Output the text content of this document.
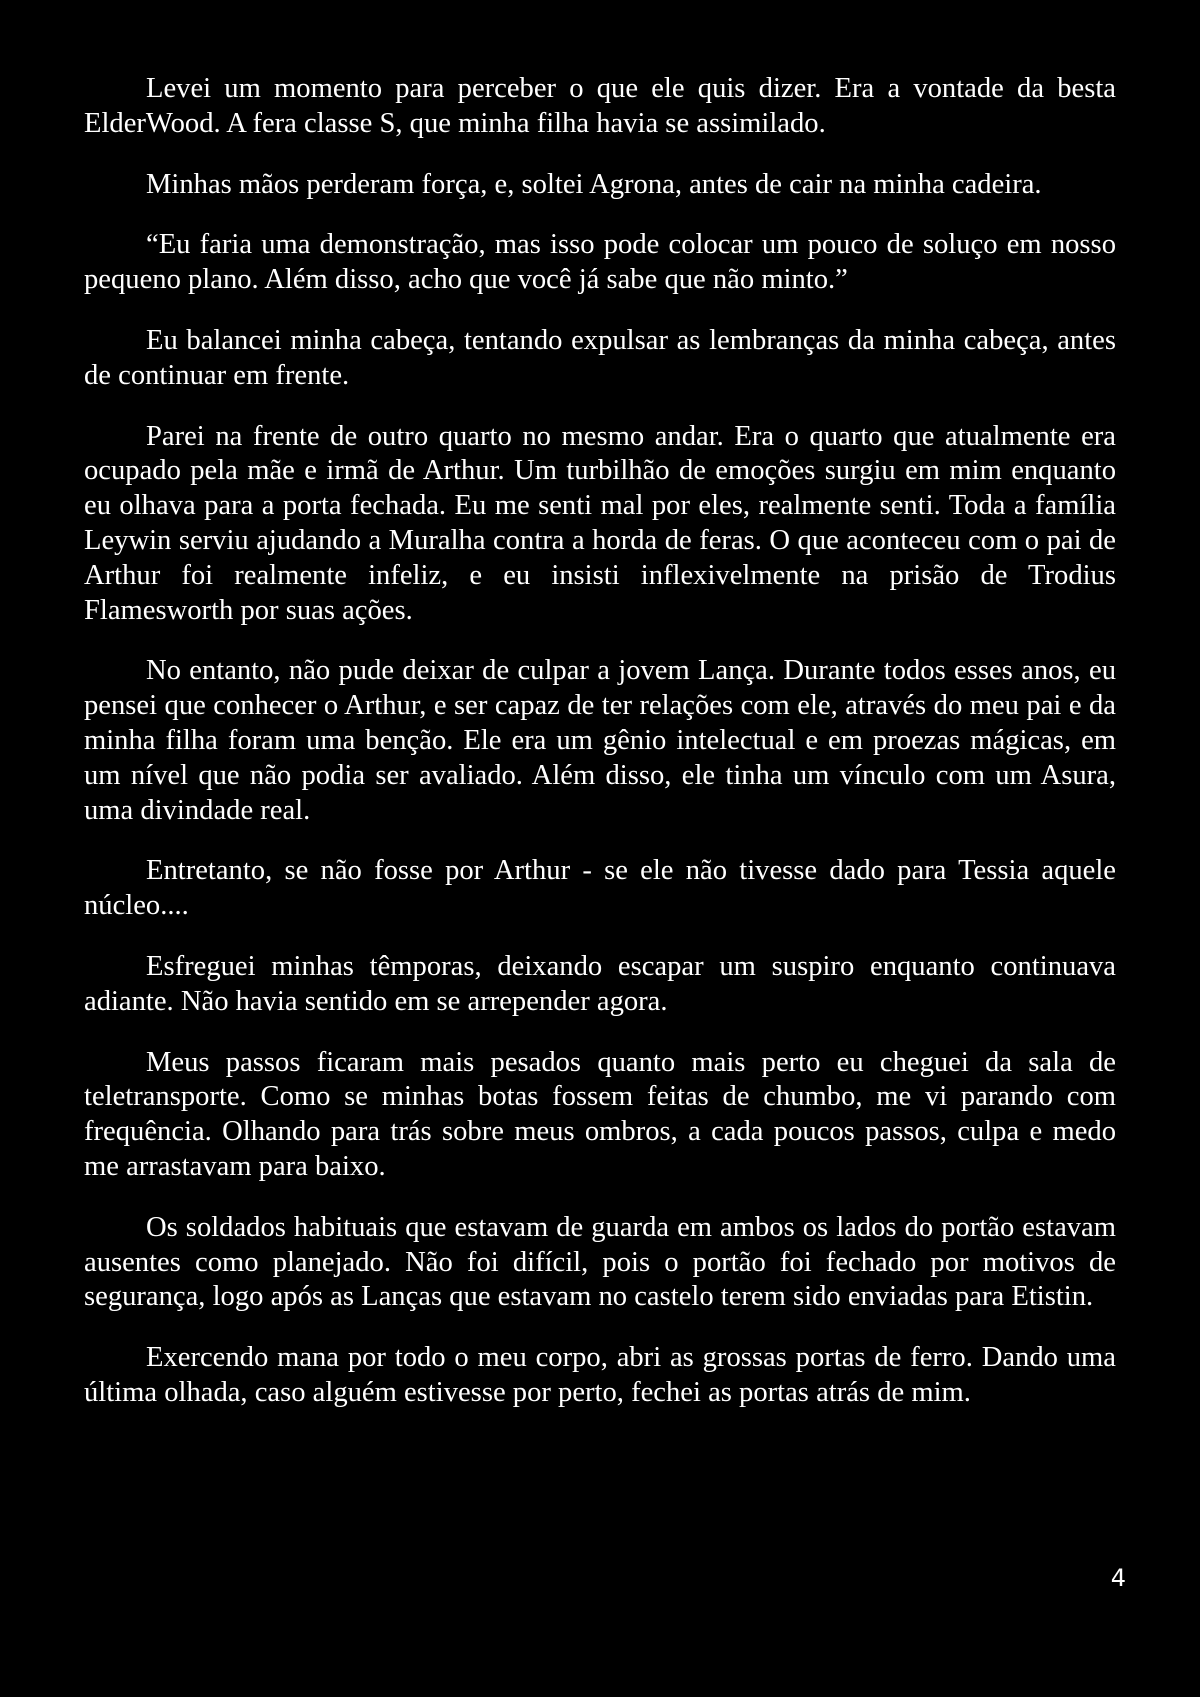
Levei um momento para perceber o que ele quis dizer. Era a vontade da besta ElderWood. A fera classe S, que minha filha havia se assimilado.

Minhas mãos perderam força, e, soltei Agrona, antes de cair na minha cadeira.

“Eu faria uma demonstração, mas isso pode colocar um pouco de soluço em nosso pequeno plano. Além disso, acho que você já sabe que não minto.”

Eu balancei minha cabeça, tentando expulsar as lembranças da minha cabeça, antes de continuar em frente.

Parei na frente de outro quarto no mesmo andar. Era o quarto que atualmente era ocupado pela mãe e irmã de Arthur. Um turbilhão de emoções surgiu em mim enquanto eu olhava para a porta fechada. Eu me senti mal por eles, realmente senti. Toda a família Leywin serviu ajudando a Muralha contra a horda de feras. O que aconteceu com o pai de Arthur foi realmente infeliz, e eu insisti inflexivelmente na prisão de Trodius Flamesworth por suas ações.

No entanto, não pude deixar de culpar a jovem Lança. Durante todos esses anos, eu pensei que conhecer o Arthur, e ser capaz de ter relações com ele, através do meu pai e da minha filha foram uma benção. Ele era um gênio intelectual e em proezas mágicas, em um nível que não podia ser avaliado. Além disso, ele tinha um vínculo com um Asura, uma divindade real.

Entretanto, se não fosse por Arthur - se ele não tivesse dado para Tessia aquele núcleo....

Esfreguei minhas têmporas, deixando escapar um suspiro enquanto continuava adiante. Não havia sentido em se arrepender agora.

Meus passos ficaram mais pesados quanto mais perto eu cheguei da sala de teletransporte. Como se minhas botas fossem feitas de chumbo, me vi parando com frequência. Olhando para trás sobre meus ombros, a cada poucos passos, culpa e medo me arrastavam para baixo.

Os soldados habituais que estavam de guarda em ambos os lados do portão estavam ausentes como planejado. Não foi difícil, pois o portão foi fechado por motivos de segurança, logo após as Lanças que estavam no castelo terem sido enviadas para Etistin.

Exercendo mana por todo o meu corpo, abri as grossas portas de ferro. Dando uma última olhada, caso alguém estivesse por perto, fechei as portas atrás de mim.

4
